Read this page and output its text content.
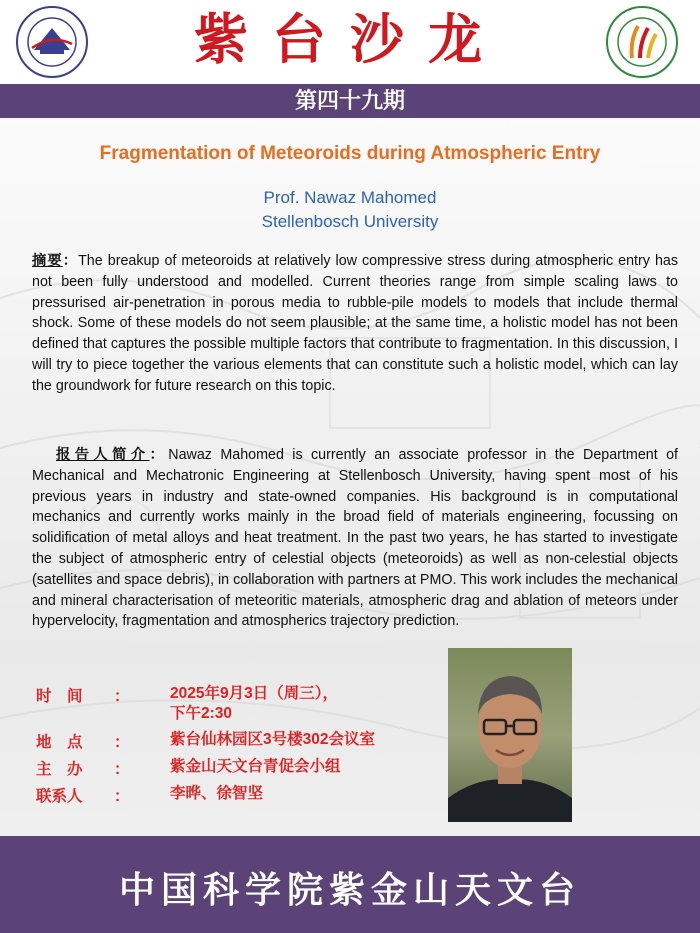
紫台沙龙
第四十九期
Fragmentation of Meteoroids during Atmospheric Entry
Prof. Nawaz Mahomed
Stellenbosch University
摘要：The breakup of meteoroids at relatively low compressive stress during atmospheric entry has not been fully understood and modelled. Current theories range from simple scaling laws to pressurised air-penetration in porous media to rubble-pile models to models that include thermal shock. Some of these models do not seem plausible; at the same time, a holistic model has not been defined that captures the possible multiple factors that contribute to fragmentation. In this discussion, I will try to piece together the various elements that can constitute such a holistic model, which can lay the groundwork for future research on this topic.
报告人简介：Nawaz Mahomed is currently an associate professor in the Department of Mechanical and Mechatronic Engineering at Stellenbosch University, having spent most of his previous years in industry and state-owned companies. His background is in computational mechanics and currently works mainly in the broad field of materials engineering, focussing on solidification of metal alloys and heat treatment. In the past two years, he has started to investigate the subject of atmospheric entry of celestial objects (meteoroids) as well as non-celestial objects (satellites and space debris), in collaboration with partners at PMO. This work includes the mechanical and mineral characterisation of meteoritic materials, atmospheric drag and ablation of meteors under hypervelocity, fragmentation and atmospherics trajectory prediction.
时　间	：	2025年9月3日（周三），
下午2:30
地　点	：	紫台仙林园区3号楼302会议室
主　办	：	紫金山天文台青促会小组
联系人	：	李晔、徐智坚
中国科学院紫金山天文台
